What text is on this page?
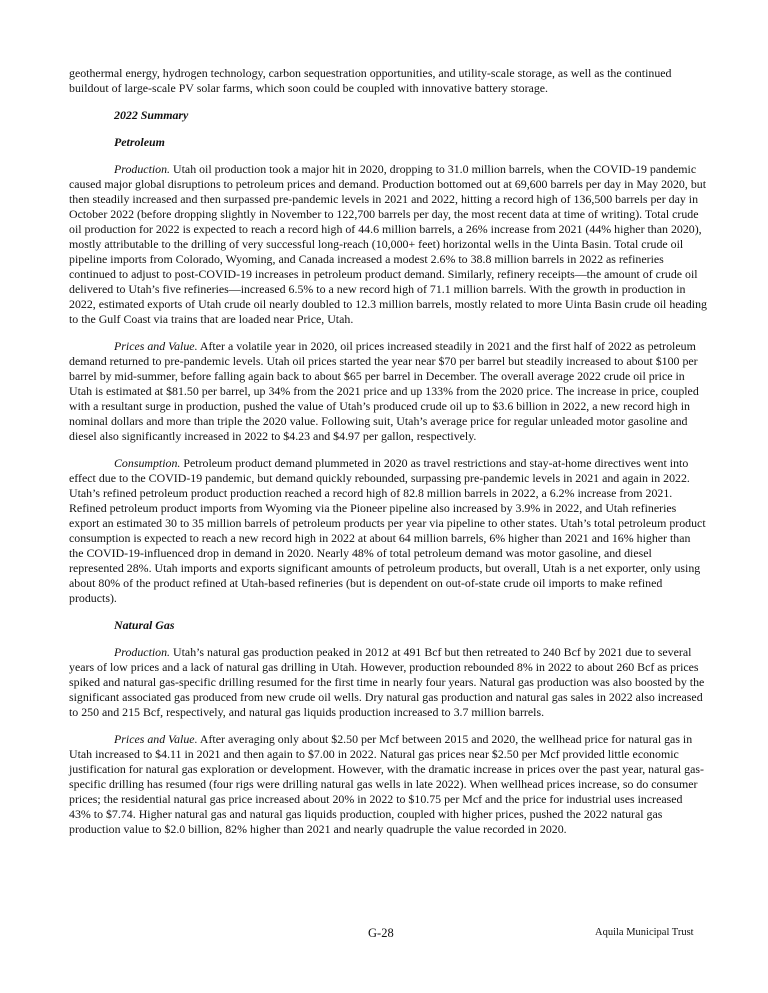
geothermal energy, hydrogen technology, carbon sequestration opportunities, and utility-scale storage, as well as the continued buildout of large-scale PV solar farms, which soon could be coupled with innovative battery storage.

2022 Summary
Petroleum

Production. Utah oil production took a major hit in 2020, dropping to 31.0 million barrels, when the COVID-19 pandemic caused major global disruptions to petroleum prices and demand. Production bottomed out at 69,600 barrels per day in May 2020, but then steadily increased and then surpassed pre-pandemic levels in 2021 and 2022, hitting a record high of 136,500 barrels per day in October 2022 (before dropping slightly in November to 122,700 barrels per day, the most recent data at time of writing). Total crude oil production for 2022 is expected to reach a record high of 44.6 million barrels, a 26% increase from 2021 (44% higher than 2020), mostly attributable to the drilling of very successful long-reach (10,000+ feet) horizontal wells in the Uinta Basin. Total crude oil pipeline imports from Colorado, Wyoming, and Canada increased a modest 2.6% to 38.8 million barrels in 2022 as refineries continued to adjust to post-COVID-19 increases in petroleum product demand. Similarly, refinery receipts—the amount of crude oil delivered to Utah’s five refineries—increased 6.5% to a new record high of 71.1 million barrels. With the growth in production in 2022, estimated exports of Utah crude oil nearly doubled to 12.3 million barrels, mostly related to more Uinta Basin crude oil heading to the Gulf Coast via trains that are loaded near Price, Utah.

Prices and Value. After a volatile year in 2020, oil prices increased steadily in 2021 and the first half of 2022 as petroleum demand returned to pre-pandemic levels. Utah oil prices started the year near $70 per barrel but steadily increased to about $100 per barrel by mid-summer, before falling again back to about $65 per barrel in December. The overall average 2022 crude oil price in Utah is estimated at $81.50 per barrel, up 34% from the 2021 price and up 133% from the 2020 price. The increase in price, coupled with a resultant surge in production, pushed the value of Utah’s produced crude oil up to $3.6 billion in 2022, a new record high in nominal dollars and more than triple the 2020 value. Following suit, Utah’s average price for regular unleaded motor gasoline and diesel also significantly increased in 2022 to $4.23 and $4.97 per gallon, respectively.

Consumption. Petroleum product demand plummeted in 2020 as travel restrictions and stay-at-home directives went into effect due to the COVID-19 pandemic, but demand quickly rebounded, surpassing pre-pandemic levels in 2021 and again in 2022. Utah’s refined petroleum product production reached a record high of 82.8 million barrels in 2022, a 6.2% increase from 2021. Refined petroleum product imports from Wyoming via the Pioneer pipeline also increased by 3.9% in 2022, and Utah refineries export an estimated 30 to 35 million barrels of petroleum products per year via pipeline to other states. Utah’s total petroleum product consumption is expected to reach a new record high in 2022 at about 64 million barrels, 6% higher than 2021 and 16% higher than the COVID-19-influenced drop in demand in 2020. Nearly 48% of total petroleum demand was motor gasoline, and diesel represented 28%. Utah imports and exports significant amounts of petroleum products, but overall, Utah is a net exporter, only using about 80% of the product refined at Utah-based refineries (but is dependent on out-of-state crude oil imports to make refined products).

Natural Gas

Production. Utah’s natural gas production peaked in 2012 at 491 Bcf but then retreated to 240 Bcf by 2021 due to several years of low prices and a lack of natural gas drilling in Utah. However, production rebounded 8% in 2022 to about 260 Bcf as prices spiked and natural gas-specific drilling resumed for the first time in nearly four years. Natural gas production was also boosted by the significant associated gas produced from new crude oil wells. Dry natural gas production and natural gas sales in 2022 also increased to 250 and 215 Bcf, respectively, and natural gas liquids production increased to 3.7 million barrels.

Prices and Value. After averaging only about $2.50 per Mcf between 2015 and 2020, the wellhead price for natural gas in Utah increased to $4.11 in 2021 and then again to $7.00 in 2022. Natural gas prices near $2.50 per Mcf provided little economic justification for natural gas exploration or development. However, with the dramatic increase in prices over the past year, natural gas-specific drilling has resumed (four rigs were drilling natural gas wells in late 2022). When wellhead prices increase, so do consumer prices; the residential natural gas price increased about 20% in 2022 to $10.75 per Mcf and the price for industrial uses increased 43% to $7.74. Higher natural gas and natural gas liquids production, coupled with higher prices, pushed the 2022 natural gas production value to $2.0 billion, 82% higher than 2021 and nearly quadruple the value recorded in 2020.

G-28	Aquila Municipal Trust
